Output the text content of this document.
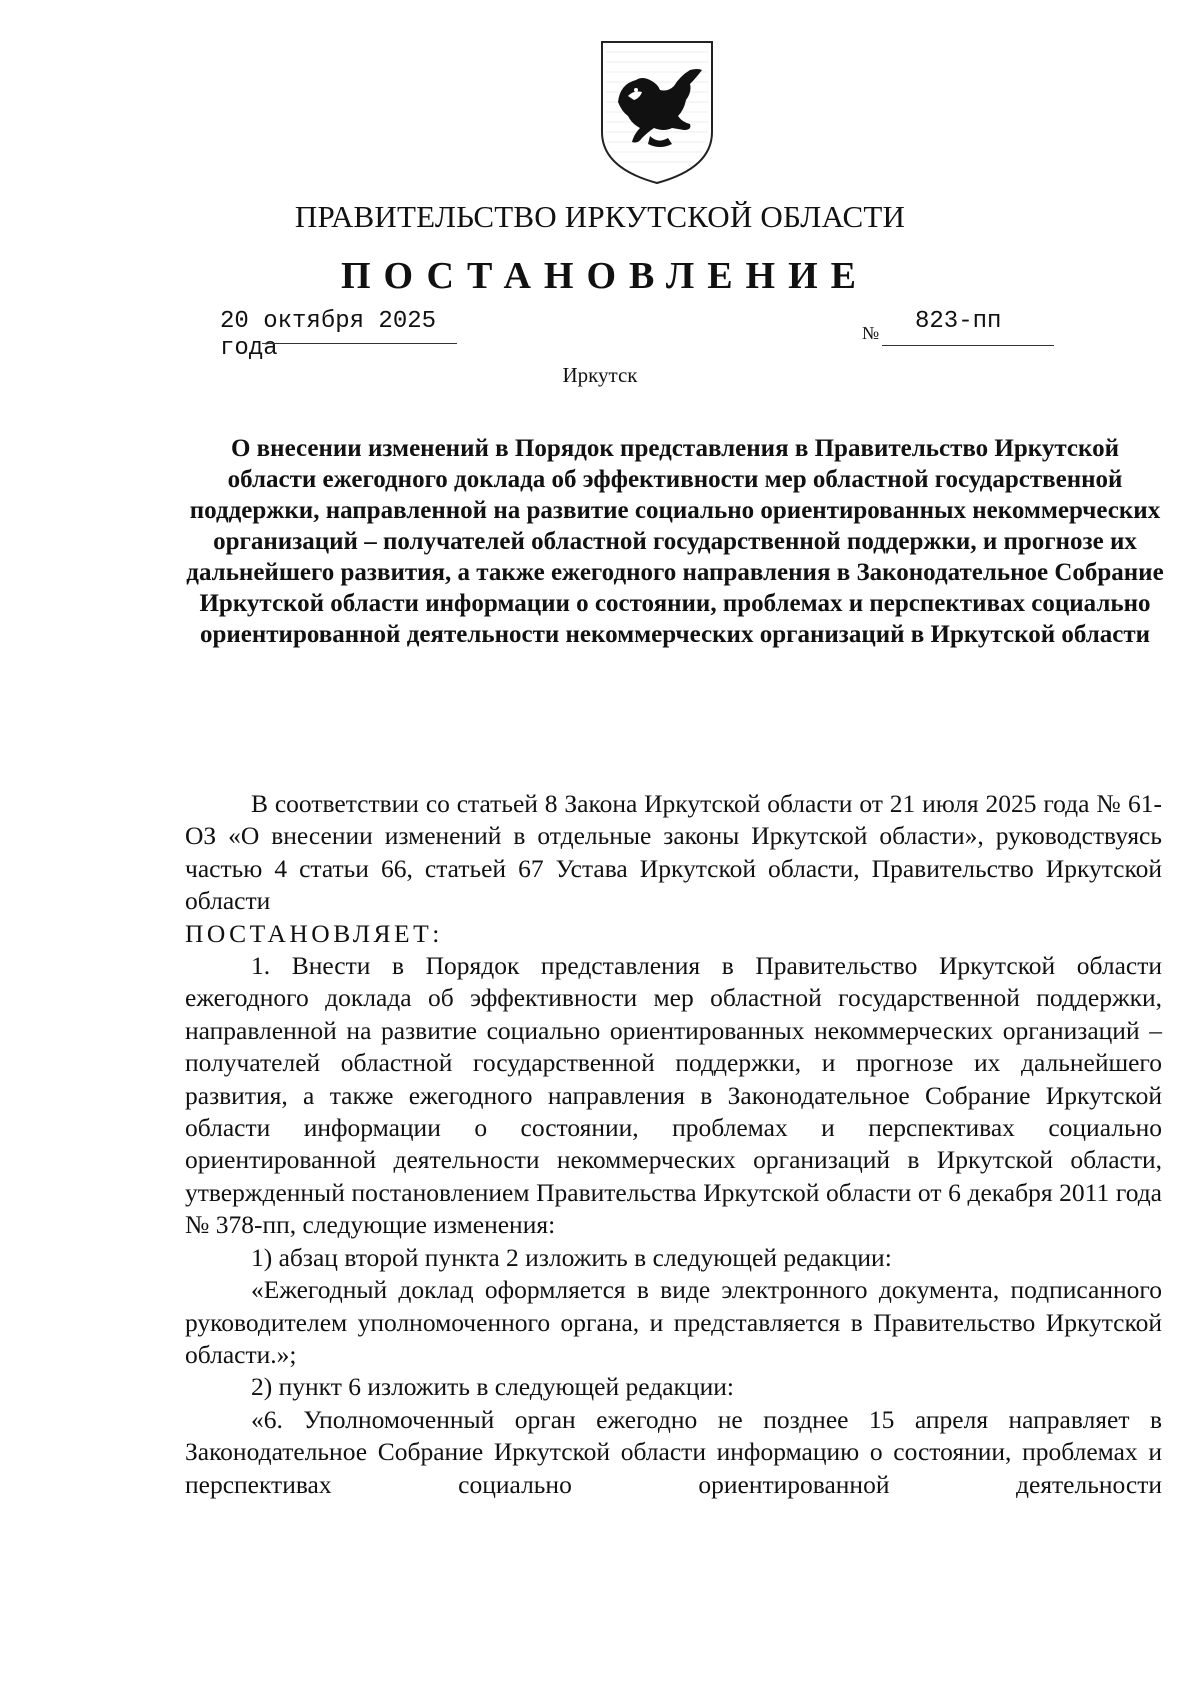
ПРАВИТЕЛЬСТВО ИРКУТСКОЙ ОБЛАСТИ
ПОСТАНОВЛЕНИЕ
20 октября 2025 года
№ 823-пп
Иркутск
О внесении изменений в Порядок представления в Правительство Иркутской области ежегодного доклада об эффективности мер областной государственной поддержки, направленной на развитие социально ориентированных некоммерческих организаций – получателей областной государственной поддержки, и прогнозе их дальнейшего развития, а также ежегодного направления в Законодательное Собрание Иркутской области информации о состоянии, проблемах и перспективах социально ориентированной деятельности некоммерческих организаций в Иркутской области

В соответствии со статьей 8 Закона Иркутской области от 21 июля 2025 года № 61-ОЗ «О внесении изменений в отдельные законы Иркутской области», руководствуясь частью 4 статьи 66, статьей 67 Устава Иркутской области, Правительство Иркутской области

ПОСТАНОВЛЯЕТ:

1. Внести в Порядок представления в Правительство Иркутской области ежегодного доклада об эффективности мер областной государственной поддержки, направленной на развитие социально ориентированных некоммерческих организаций – получателей областной государственной поддержки, и прогнозе их дальнейшего развития, а также ежегодного направления в Законодательное Собрание Иркутской области информации о состоянии, проблемах и перспективах социально ориентированной деятельности некоммерческих организаций в Иркутской области, утвержденный постановлением Правительства Иркутской области от 6 декабря 2011 года № 378-пп, следующие изменения:

1) абзац второй пункта 2 изложить в следующей редакции:

«Ежегодный доклад оформляется в виде электронного документа, подписанного руководителем уполномоченного органа, и представляется в Правительство Иркутской области.»;

2) пункт 6 изложить в следующей редакции:

«6. Уполномоченный орган ежегодно не позднее 15 апреля направляет в Законодательное Собрание Иркутской области информацию о состоянии, проблемах и перспективах социально ориентированной деятельности
